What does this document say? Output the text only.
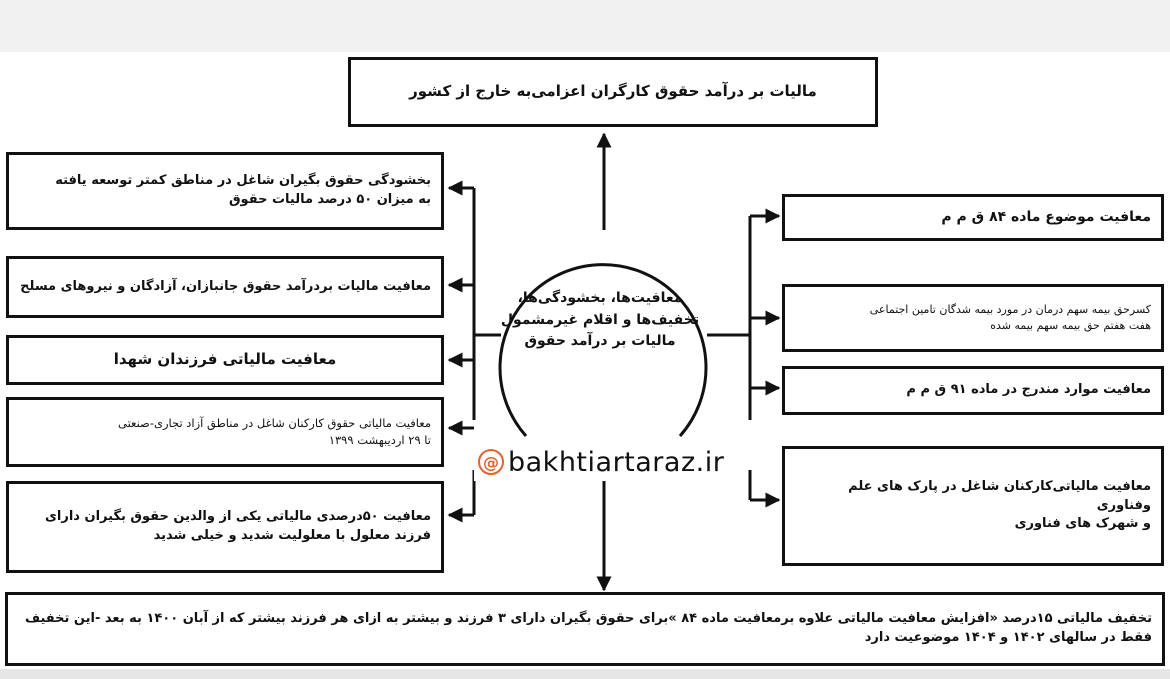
مالیات بر درآمد حقوق کارگران اعزامی‌به خارج از کشور
معافیت‌ها، بخشودگی‌ها،
تخفیف‌ها و اقلام غیرمشمول
مالیات بر درآمد حقوق
بخشودگی حقوق بگیران شاغل در مناطق کمتر توسعه یافته
به میزان ۵۰ درصد مالیات حقوق
معافیت مالیات بردرآمد حقوق جانبازان، آزادگان و نیروهای مسلح
معافیت مالیاتی فرزندان شهدا
معافیت مالیاتی حقوق کارکنان شاغل در مناطق آزاد تجاری-صنعتی
تا ۲۹ اردیبهشت ۱۳۹۹
معافیت ۵۰درصدی مالیاتی یکی از والدین حقوق بگیران دارای
فرزند معلول با معلولیت شدید و خیلی شدید
معافیت موضوع ماده ۸۴ ق م م
کسرحق بیمه سهم درمان در مورد بیمه شدگان تامین اجتماعی
هفت هفتم حق بیمه سهم بیمه شده
معافیت موارد مندرج در ماده ۹۱ ق م م
معافیت مالیاتی‌کارکنان شاغل در پارک های علم وفناوری
و شهرک های فناوری
تخفیف مالیاتی ۱۵درصد «افزایش معافیت مالیاتی علاوه برمعافیت ماده ۸۴ »برای حقوق بگیران دارای ۳ فرزند و بیشتر به ازای هر فرزند بیشتر که از آبان ۱۴۰۰ به بعد -این تخفیف فقط در سالهای ۱۴۰۲ و ۱۴۰۴ موضوعیت دارد
@ bakhtiartaraz.ir
